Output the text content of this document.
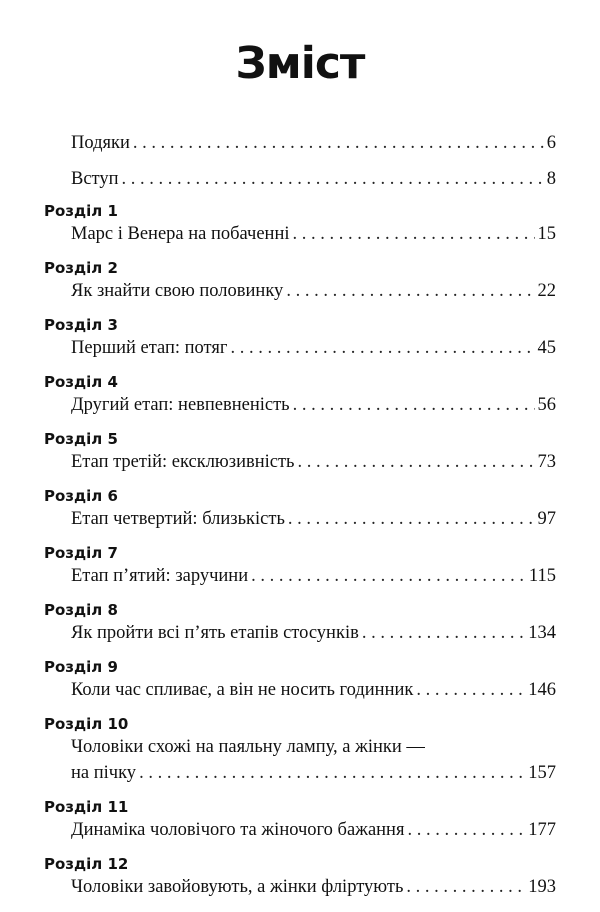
Зміст
Подяки . . .	6
Вступ . . .	8
Розділ 1
Марс і Венера на побаченні . . .	15
Розділ 2
Як знайти свою половинку . . .	22
Розділ 3
Перший етап: потяг . . .	45
Розділ 4
Другий етап: невпевненість . . .	56
Розділ 5
Етап третій: ексклюзивність . . .	73
Розділ 6
Етап четвертий: близькість . . .	97
Розділ 7
Етап п’ятий: заручини . . .	115
Розділ 8
Як пройти всі п’ять етапів стосунків . . .	134
Розділ 9
Коли час спливає, а він не носить годинник . . .	146
Розділ 10
Чоловіки схожі на паяльну лампу, а жінки —
на пічку . . .	157
Розділ 11
Динаміка чоловічого та жіночого бажання . . .	177
Розділ 12
Чоловіки завойовують, а жінки фліртують . . .	193
